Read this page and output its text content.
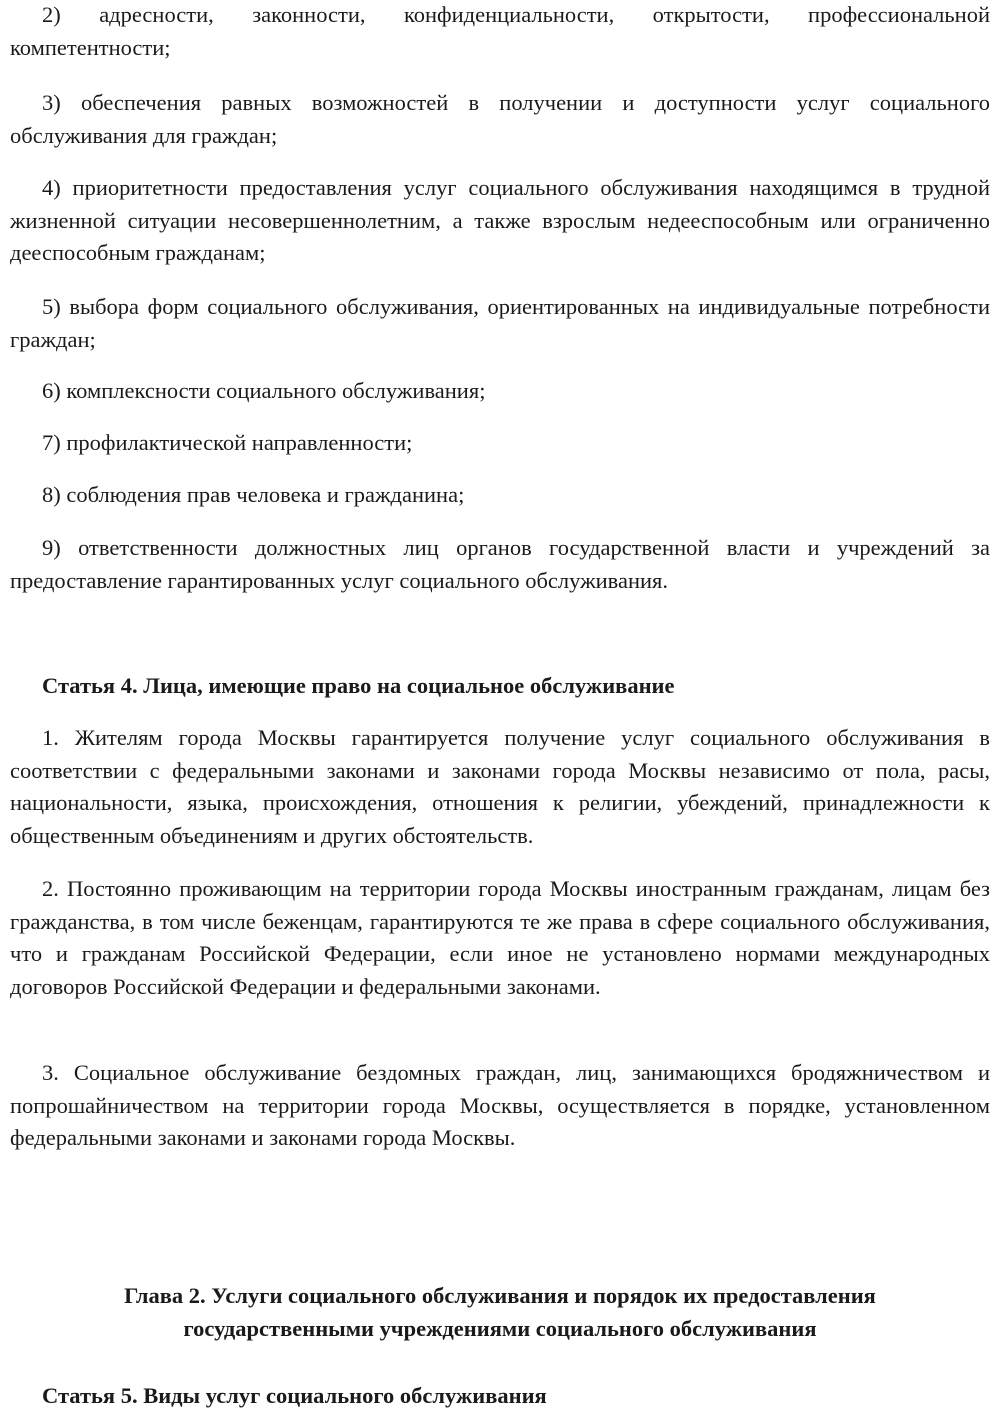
2) адресности, законности, конфиденциальности, открытости, профессиональной компетентности;

3) обеспечения равных возможностей в получении и доступности услуг социального обслуживания для граждан;

4) приоритетности предоставления услуг социального обслуживания находящимся в трудной жизненной ситуации несовершеннолетним, а также взрослым недееспособным или ограниченно дееспособным гражданам;

5) выбора форм социального обслуживания, ориентированных на индивидуальные потребности граждан;

6) комплексности социального обслуживания;

7) профилактической направленности;

8) соблюдения прав человека и гражданина;

9) ответственности должностных лиц органов государственной власти и учреждений за предоставление гарантированных услуг социального обслуживания.

Статья 4. Лица, имеющие право на социальное обслуживание

1. Жителям города Москвы гарантируется получение услуг социального обслуживания в соответствии с федеральными законами и законами города Москвы независимо от пола, расы, национальности, языка, происхождения, отношения к религии, убеждений, принадлежности к общественным объединениям и других обстоятельств.

2. Постоянно проживающим на территории города Москвы иностранным гражданам, лицам без гражданства, в том числе беженцам, гарантируются те же права в сфере социального обслуживания, что и гражданам Российской Федерации, если иное не установлено нормами международных договоров Российской Федерации и федеральными законами.

3. Социальное обслуживание бездомных граждан, лиц, занимающихся бродяжничеством и попрошайничеством на территории города Москвы, осуществляется в порядке, установленном федеральными законами и законами города Москвы.

Глава 2. Услуги социального обслуживания и порядок их предоставления
государственными учреждениями социального обслуживания
Статья 5. Виды услуг социального обслуживания
